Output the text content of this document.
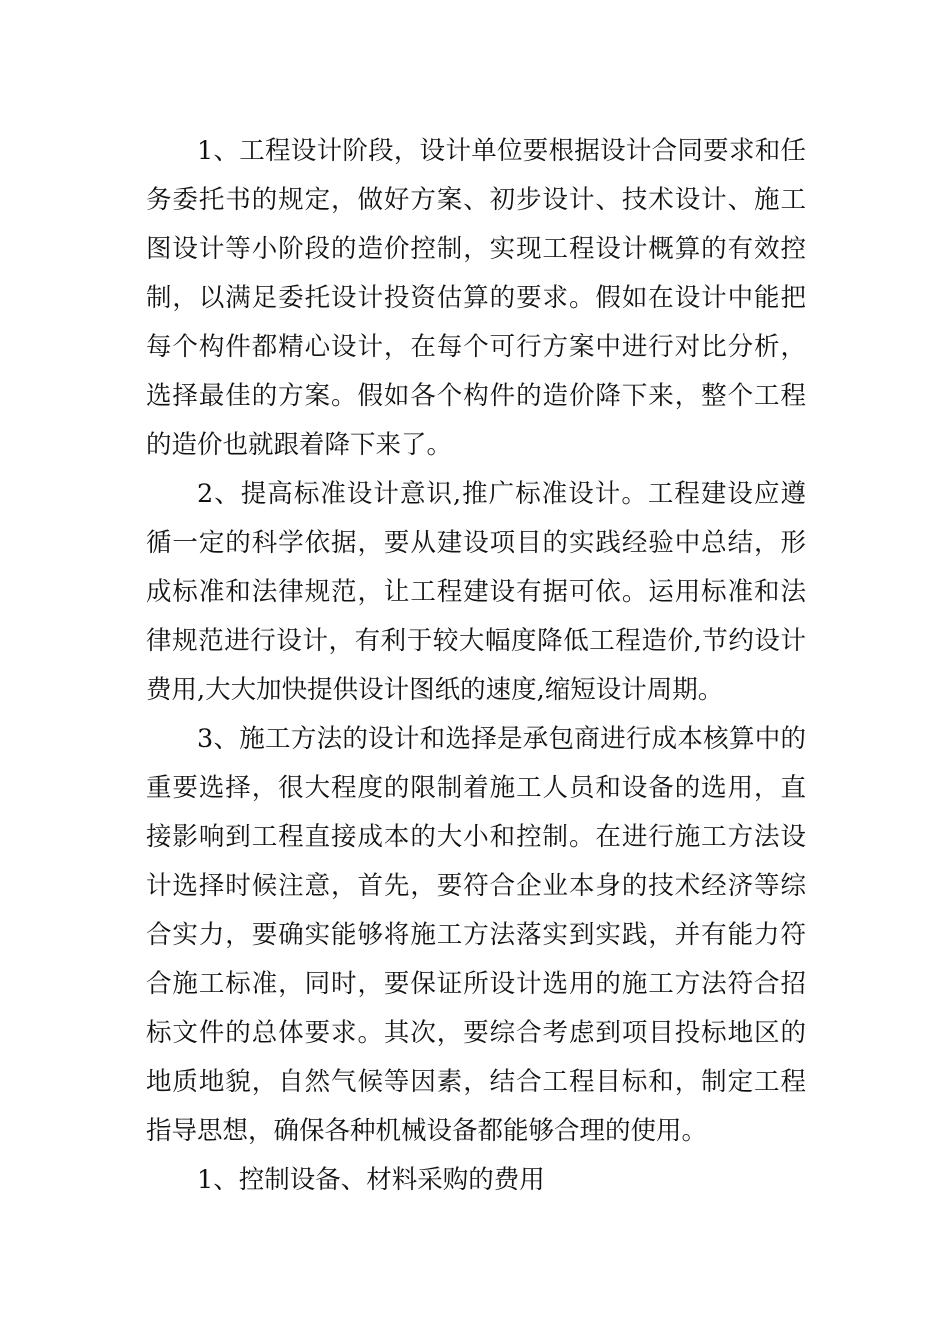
1、工程设计阶段，设计单位要根据设计合同要求和任务委托书的规定，做好方案、初步设计、技术设计、施工图设计等小阶段的造价控制，实现工程设计概算的有效控制，以满足委托设计投资估算的要求。假如在设计中能把每个构件都精心设计，在每个可行方案中进行对比分析，选择最佳的方案。假如各个构件的造价降下来，整个工程的造价也就跟着降下来了。

2、提高标准设计意识,推广标准设计。工程建设应遵循一定的科学依据，要从建设项目的实践经验中总结，形成标准和法律规范，让工程建设有据可依。运用标准和法律规范进行设计，有利于较大幅度降低工程造价,节约设计费用,大大加快提供设计图纸的速度,缩短设计周期。

3、施工方法的设计和选择是承包商进行成本核算中的重要选择，很大程度的限制着施工人员和设备的选用，直接影响到工程直接成本的大小和控制。在进行施工方法设计选择时候注意，首先，要符合企业本身的技术经济等综合实力，要确实能够将施工方法落实到实践，并有能力符合施工标准，同时，要保证所设计选用的施工方法符合招标文件的总体要求。其次，要综合考虑到项目投标地区的地质地貌，自然气候等因素，结合工程目标和，制定工程指导思想，确保各种机械设备都能够合理的使用。

1、控制设备、材料采购的费用
